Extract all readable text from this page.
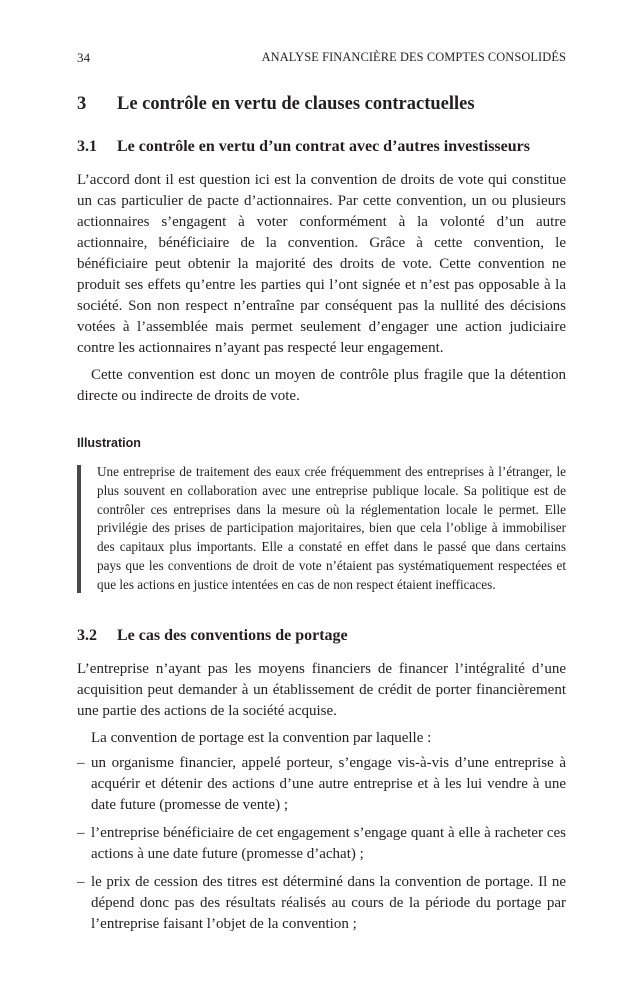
34	ANALYSE FINANCIÈRE DES COMPTES CONSOLIDÉS
3 Le contrôle en vertu de clauses contractuelles
3.1 Le contrôle en vertu d’un contrat avec d’autres investisseurs

L’accord dont il est question ici est la convention de droits de vote qui constitue un cas particulier de pacte d’actionnaires. Par cette convention, un ou plusieurs actionnaires s’engagent à voter conformément à la volonté d’un autre actionnaire, bénéficiaire de la convention. Grâce à cette convention, le bénéficiaire peut obtenir la majorité des droits de vote. Cette convention ne produit ses effets qu’entre les parties qui l’ont signée et n’est pas opposable à la société. Son non respect n’entraîne par conséquent pas la nullité des décisions votées à l’assemblée mais permet seulement d’engager une action judiciaire contre les actionnaires n’ayant pas respecté leur engagement.

Cette convention est donc un moyen de contrôle plus fragile que la détention directe ou indirecte de droits de vote.

Illustration

Une entreprise de traitement des eaux crée fréquemment des entreprises à l’étranger, le plus souvent en collaboration avec une entreprise publique locale. Sa politique est de contrôler ces entreprises dans la mesure où la réglementation locale le permet. Elle privilégie des prises de participation majoritaires, bien que cela l’oblige à immobiliser des capitaux plus importants. Elle a constaté en effet dans le passé que dans certains pays que les conventions de droit de vote n’étaient pas systématiquement respectées et que les actions en justice intentées en cas de non respect étaient inefficaces.

3.2 Le cas des conventions de portage

L’entreprise n’ayant pas les moyens financiers de financer l’intégralité d’une acquisition peut demander à un établissement de crédit de porter financièrement une partie des actions de la société acquise.

La convention de portage est la convention par laquelle :

– un organisme financier, appelé porteur, s’engage vis-à-vis d’une entreprise à acquérir et détenir des actions d’une autre entreprise et à les lui vendre à une date future (promesse de vente) ;
– l’entreprise bénéficiaire de cet engagement s’engage quant à elle à racheter ces actions à une date future (promesse d’achat) ;
– le prix de cession des titres est déterminé dans la convention de portage. Il ne dépend donc pas des résultats réalisés au cours de la période du portage par l’entreprise faisant l’objet de la convention ;
